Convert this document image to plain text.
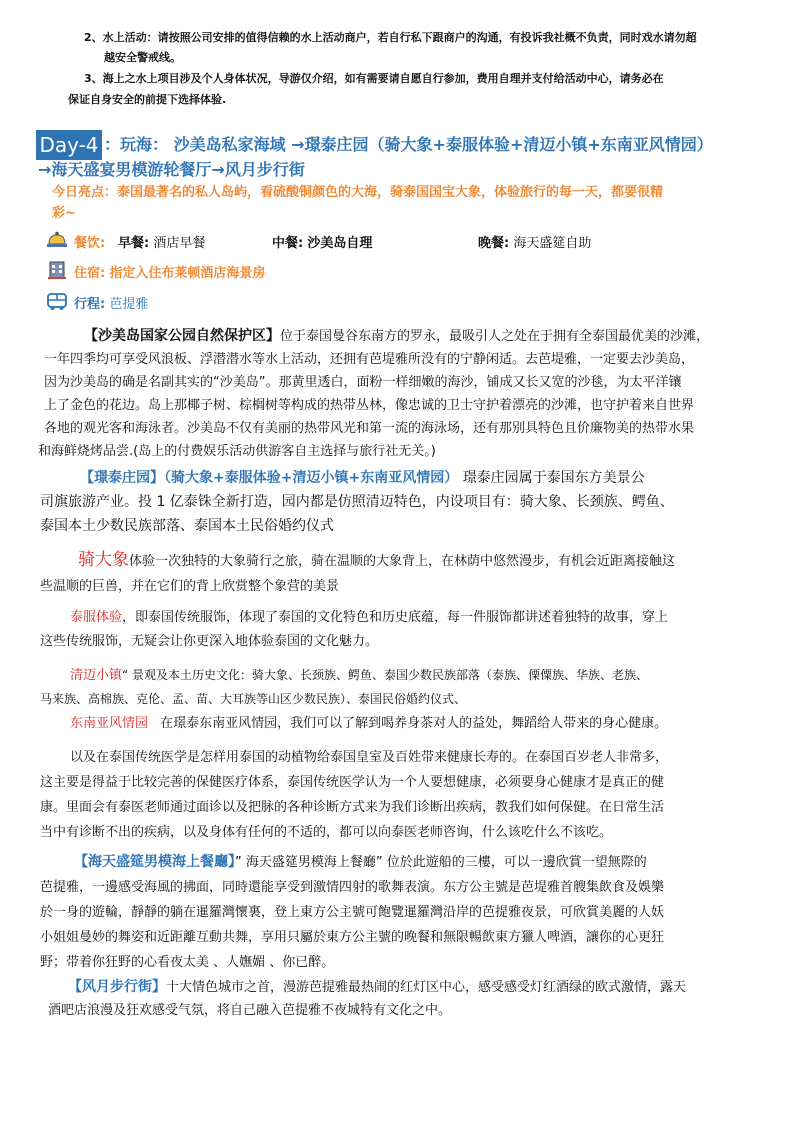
2、水上活动：请按照公司安排的值得信赖的水上活动商户，若自行私下跟商户的沟通，有投诉我社概不负责，同时戏水请勿超
越安全警戒线。
3、海上之水上项目涉及个人身体状况，导游仅介绍，如有需要请自愿自行参加，费用自理并支付给活动中心，请务必在
保证自身安全的前提下选择体验.
Day-4 ：玩海： 沙美岛私家海域 →璟泰庄园（骑大象+泰服体验+清迈小镇+东南亚风情园）
→海天盛宴男模游轮餐厅→风月步行街
今日亮点：泰国最著名的私人岛屿，看硫酸铜颜色的大海，骑泰国国宝大象，体验旅行的每一天，都要很精
彩~
餐饮: 早餐: 酒店早餐	中餐: 沙美岛自理	晚餐: 海天盛筵自助
住宿: 指定入住布莱顿酒店海景房
行程: 芭提雅
【沙美岛国家公园自然保护区】位于泰国曼谷东南方的罗永，最吸引人之处在于拥有全泰国最优美的沙滩，
一年四季均可享受风浪板、浮潜潜水等水上活动，还拥有芭堤雅所没有的宁静闲适。去芭堤雅，一定要去沙美岛，
因为沙美岛的确是名副其实的“沙美岛”。那黄里透白，面粉一样细嫩的海沙，铺成又长又宽的沙毯，为太平洋镶
上了金色的花边。岛上那椰子树、棕榈树等构成的热带丛林，像忠诚的卫士守护着漂亮的沙滩，也守护着来自世界
各地的观光客和海泳者。沙美岛不仅有美丽的热带风光和第一流的海泳场，还有那别具特色且价廉物美的热带水果
和海鲜烧烤品尝.(岛上的付费娱乐活动供游客自主选择与旅行社无关。)
【璟泰庄园】（骑大象+泰服体验+清迈小镇+东南亚风情园） 璟泰庄园属于泰国东方美景公
司旗旅游产业。投 1 亿泰铢全新打造，园内都是仿照清迈特色，内设项目有：骑大象、长颈族、鳄鱼、
泰国本土少数民族部落、泰国本土民俗婚约仪式
骑大象体验一次独特的大象骑行之旅，骑在温顺的大象背上，在林荫中悠然漫步，有机会近距离接触这
些温顺的巨兽，并在它们的背上欣赏整个象营的美景
泰服体验，即泰国传统服饰，体现了泰国的文化特色和历史底蕴，每一件服饰都讲述着独特的故事，穿上
这些传统服饰，无疑会让你更深入地体验泰国的文化魅力。
清迈小镇“ 景观及本土历史文化：骑大象、长颈族、鳄鱼、泰国少数民族部落（泰族、傈僳族、华族、老族、
马来族、高棉族、克伦、孟、苗、大耳族等山区少数民族）、泰国民俗婚约仪式、
东南亚风情园 在璟泰东南亚风情园，我们可以了解到喝养身茶对人的益处，舞蹈给人带来的身心健康。
以及在泰国传统医学是怎样用泰国的动植物给泰国皇室及百姓带来健康长寿的。在泰国百岁老人非常多，
这主要是得益于比较完善的保健医疗体系，泰国传统医学认为一个人要想健康，必须要身心健康才是真正的健
康。里面会有泰医老师通过面诊以及把脉的各种诊断方式来为我们诊断出疾病，教我们如何保健。在日常生活
当中有诊断不出的疾病，以及身体有任何的不适的，都可以向泰医老师咨询，什么该吃什么不该吃。
【海天盛筵男模海上餐廳】” 海天盛筵男模海上餐廳” 位於此遊船的三樓，可以一邊欣賞一望無際的
芭提雅，一邊感受海風的拂面，同時還能享受到激情四射的歌舞表演。东方公主號是芭堤雅首艘集飲食及娛樂
於一身的遊輪，靜靜的躺在暹羅灣懷裏，登上東方公主號可飽覽暹羅灣沿岸的芭提雅夜景，可欣賞美麗的人妖
小姐姐曼妙的舞姿和近距離互動共舞，享用只屬於東方公主號的晚餐和無限暢飲東方獵人啤酒，讓你的心更狂
野；带着你狂野的心看夜太美 、人嫵媚 、你已醉。
【风月步行街】十大情色城市之首，漫游芭提雅最热闹的红灯区中心，感受感受灯红酒绿的欧式激情，露天
酒吧店浪漫及狂欢感受气氛，将自己融入芭提雅不夜城特有文化之中。
